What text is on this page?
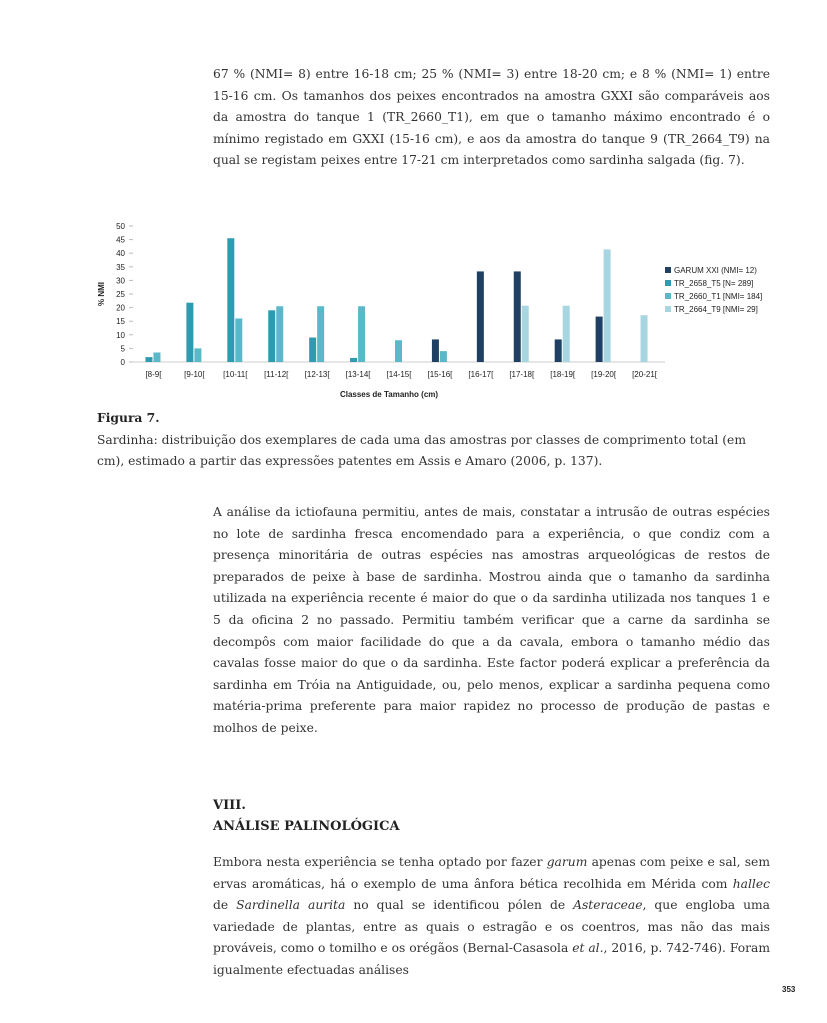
67 % (NMI= 8) entre 16-18 cm; 25 % (NMI= 3) entre 18-20 cm; e 8 % (NMI= 1) entre 15-16 cm. Os tamanhos dos peixes encontrados na amostra GXXI são comparáveis aos da amostra do tanque 1 (TR_2660_T1), em que o tamanho máximo encontrado é o mínimo registado em GXXI (15-16 cm), e aos da amostra do tanque 9 (TR_2664_T9) na qual se registam peixes entre 17-21 cm interpretados como sardinha salgada (fig. 7).

0
5
10
15
20
25
30
35
40
45
50
% NMI
Classes de Tamanho (cm)
[8-9[	[9-10[ [10-11[ [11-12[ [12-13[ [13-14[ [14-15[ [15-16[ [16-17[ [17-18[ [18-19[ [19-20[ [20-21[
GARUM XXI (NMI= 12)
TR_2658_T5 [N= 289]
TR_2660_T1 [NMI= 184]
TR_2664_T9 [NMI= 29]

Figura 7.
Sardinha: distribuição dos exemplares de cada uma das amostras por classes de comprimento total (em cm), estimado a partir das expressões patentes em Assis e Amaro (2006, p. 137).

A análise da ictiofauna permitiu, antes de mais, constatar a intrusão de outras espécies no lote de sardinha fresca encomendado para a experiência, o que condiz com a presença minoritária de outras espécies nas amostras arqueológicas de restos de preparados de peixe à base de sardinha. Mostrou ainda que o tamanho da sardinha utilizada na experiência recente é maior do que o da sardinha utilizada nos tanques 1 e 5 da oficina 2 no passado. Permitiu também verificar que a carne da sardinha se decompôs com maior facilidade do que a da cavala, embora o tamanho médio das cavalas fosse maior do que o da sardinha. Este factor poderá explicar a preferência da sardinha em Tróia na Antiguidade, ou, pelo menos, explicar a sardinha pequena como matéria-prima preferente para maior rapidez no processo de produção de pastas e molhos de peixe.

VIII.
ANÁLISE PALINOLÓGICA

Embora nesta experiência se tenha optado por fazer garum apenas com peixe e sal, sem ervas aromáticas, há o exemplo de uma ânfora bética recolhida em Mérida com hallec de Sardinella aurita no qual se identificou pólen de Asteraceae, que engloba uma variedade de plantas, entre as quais o estragão e os coentros, mas não das mais prováveis, como o tomilho e os orégãos (Bernal-Casasola et al., 2016, p. 742-746). Foram igualmente efectuadas análises

353
